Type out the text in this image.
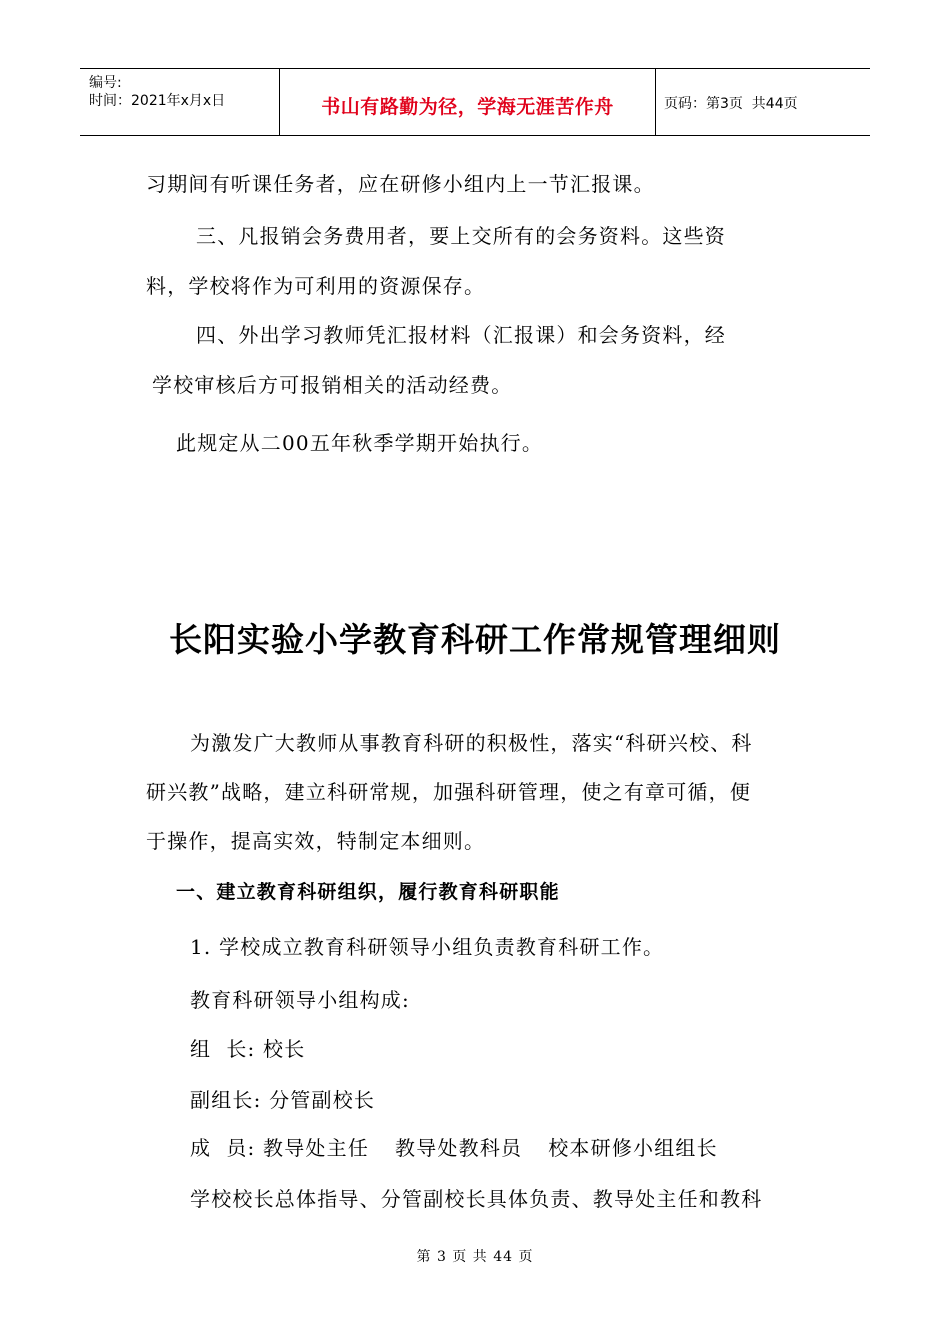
编号:
时间：2021年x月x日	书山有路勤为径，学海无涯苦作舟	页码：第3页  共44页
习期间有听课任务者，应在研修小组内上一节汇报课。
三、凡报销会务费用者，要上交所有的会务资料。这些资
料，学校将作为可利用的资源保存。
四、外出学习教师凭汇报材料（汇报课）和会务资料，经
学校审核后方可报销相关的活动经费。
此规定从二00五年秋季学期开始执行。
长阳实验小学教育科研工作常规管理细则
为激发广大教师从事教育科研的积极性，落实“科研兴校、科
研兴教”战略，建立科研常规，加强科研管理，使之有章可循，便
于操作，提高实效，特制定本细则。
一、建立教育科研组织，履行教育科研职能
1. 学校成立教育科研领导小组负责教育科研工作。
教育科研领导小组构成:
组  长: 校长
副组长: 分管副校长
成  员: 教导处主任 教导处教科员 校本研修小组组长
学校校长总体指导、分管副校长具体负责、教导处主任和教科
第 3 页 共 44 页
